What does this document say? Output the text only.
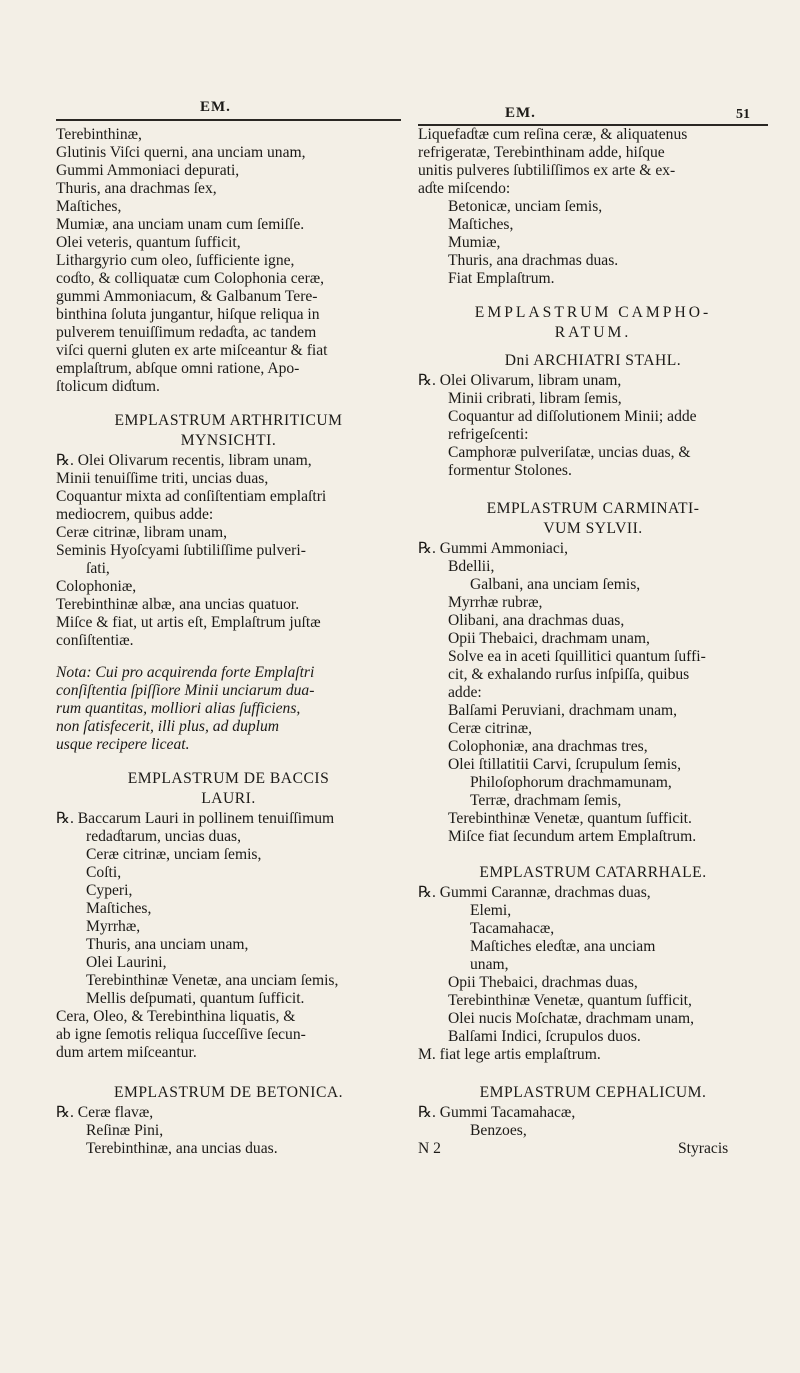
EM.	EM.	51
Terebinthinæ,
Glutinis Viſci querni, ana unciam unam,
Gummi Ammoniaci depurati,
Thuris, ana drachmas ſex,
Maſtiches,
Mumiæ, ana unciam unam cum ſemiſſe.
Olei veteris, quantum ſufficit,
Lithargyrio cum oleo, ſufficiente igne,
coɗto, & colliquatæ cum Colophonia ceræ,
gummi Ammoniacum, & Galbanum Tere-
binthina ſoluta jungantur, hiſque reliqua in
pulverem tenuiſſimum redaɗta, ac tandem
viſci querni gluten ex arte miſceantur & fiat
emplaſtrum, abſque omni ratione, Apo-
ſtolicum diɗtum.
EMPLASTRUM ARTHRITICUM
MYNSICHTI.
℞. Olei Olivarum recentis, libram unam,
Minii tenuiſſime triti, uncias duas,
Coquantur mixta ad conſiſtentiam emplaſtri
mediocrem, quibus adde:
Ceræ citrinæ, libram unam,
Seminis Hyoſcyami ſubtiliſſime pulveri-
ſati,
Colophoniæ,
Terebinthinæ albæ, ana uncias quatuor.
Miſce & fiat, ut artis eſt, Emplaſtrum juſtæ
conſiſtentiæ.
Nota: Cui pro acquirenda forte Emplaſtri
conſiſtentia ſpiſſiore Minii unciarum dua-
rum quantitas, molliori alias ſufficiens,
non ſatisfecerit, illi plus, ad duplum
usque recipere liceat.
EMPLASTRUM DE BACCIS
LAURI.
℞. Baccarum Lauri in pollinem tenuiſſimum
redaɗtarum, uncias duas,
Ceræ citrinæ, unciam ſemis,
Coſti,
Cyperi,
Maſtiches,
Myrrhæ,
Thuris, ana unciam unam,
Olei Laurini,
Terebinthinæ Venetæ, ana unciam ſemis,
Mellis deſpumati, quantum ſufficit.
Cera, Oleo, & Terebinthina liquatis, &
ab igne ſemotis reliqua ſucceſſive ſecun-
dum artem miſceantur.
EMPLASTRUM DE BETONICA.
℞. Ceræ flavæ,
Reſinæ Pini,
Terebinthinæ, ana uncias duas.
Liquefaɗtæ cum reſina ceræ, & aliquatenus
refrigeratæ, Terebinthinam adde, hiſque
unitis pulveres ſubtiliſſimos ex arte & ex-
aɗte miſcendo:
Betonicæ, unciam ſemis,
Maſtiches,
Mumiæ,
Thuris, ana drachmas duas.
Fiat Emplaſtrum.
EMPLASTRUM CAMPHO-
RATUM.
Dni ARCHIATRI STAHL.
℞. Olei Olivarum, libram unam,
Minii cribrati, libram ſemis,
Coquantur ad diſſolutionem Minii; adde
refrigeſcenti:
Camphoræ pulveriſatæ, uncias duas, &
formentur Stolones.
EMPLASTRUM CARMINATI-
VUM SYLVII.
℞. Gummi Ammoniaci,
Bdellii,
Galbani, ana unciam ſemis,
Myrrhæ rubræ,
Olibani, ana drachmas duas,
Opii Thebaici, drachmam unam,
Solve ea in aceti ſquillitici quantum ſuffi-
cit, & exhalando rurſus inſpiſſa, quibus
adde:
Balſami Peruviani, drachmam unam,
Ceræ citrinæ,
Colophoniæ, ana drachmas tres,
Olei ſtillatitii Carvi, ſcrupulum ſemis,
Philoſophorum drachmamunam,
Terræ, drachmam ſemis,
Terebinthinæ Venetæ, quantum ſufficit.
Miſce fiat ſecundum artem Emplaſtrum.
EMPLASTRUM CATARRHALE.
℞. Gummi Carannæ, drachmas duas,
Elemi,
Tacamahacæ,
Maſtiches eleɗtæ, ana unciam
unam,
Opii Thebaici, drachmas duas,
Terebinthinæ Venetæ, quantum ſufficit,
Olei nucis Moſchatæ, drachmam unam,
Balſami Indici, ſcrupulos duos.
M. fiat lege artis emplaſtrum.
EMPLASTRUM CEPHALICUM.
℞. Gummi Tacamahacæ,
Benzoes,
N 2	Styracis
